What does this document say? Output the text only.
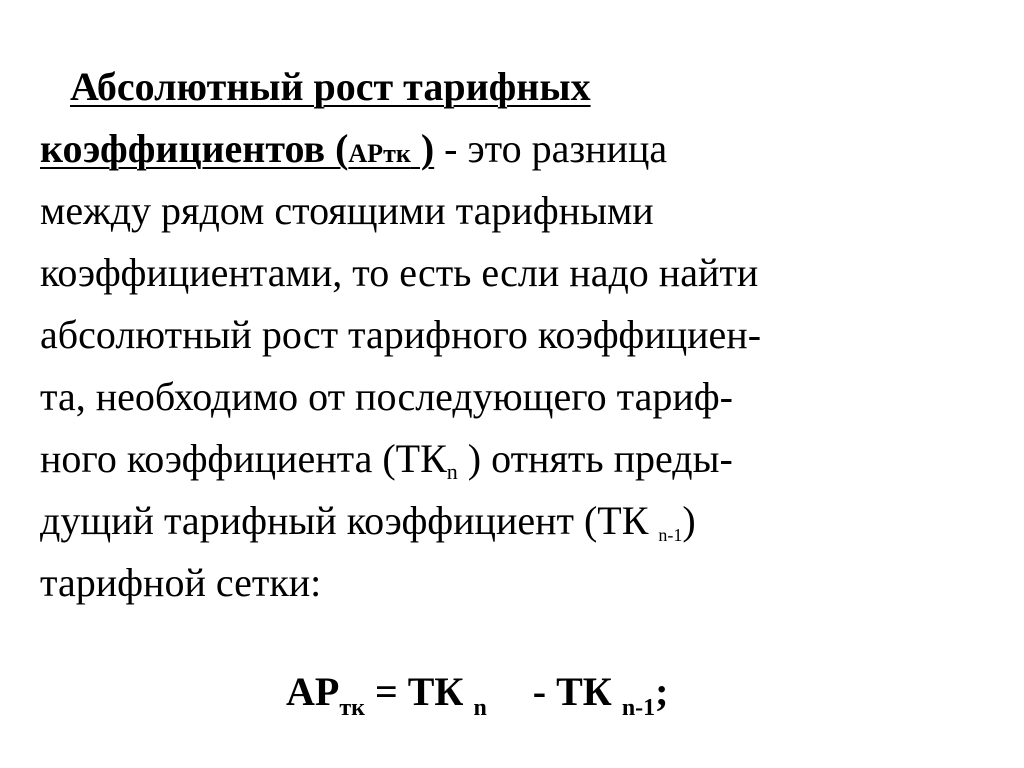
Абсолютный рост тарифных
коэффициентов (АРтк ) - это разница
между рядом стоящими тарифными
коэффициентами, то есть если надо найти
абсолютный рост тарифного коэффициен-
та, необходимо от последующего тариф-
ного коэффициента ($ТК_n$ ) отнять преды-
дущий тарифный коэффициент (ТК n-1)
тарифной сетки:
$АР_{тк}$ = ТК $_n$ - ТК $_{n-1}$;
